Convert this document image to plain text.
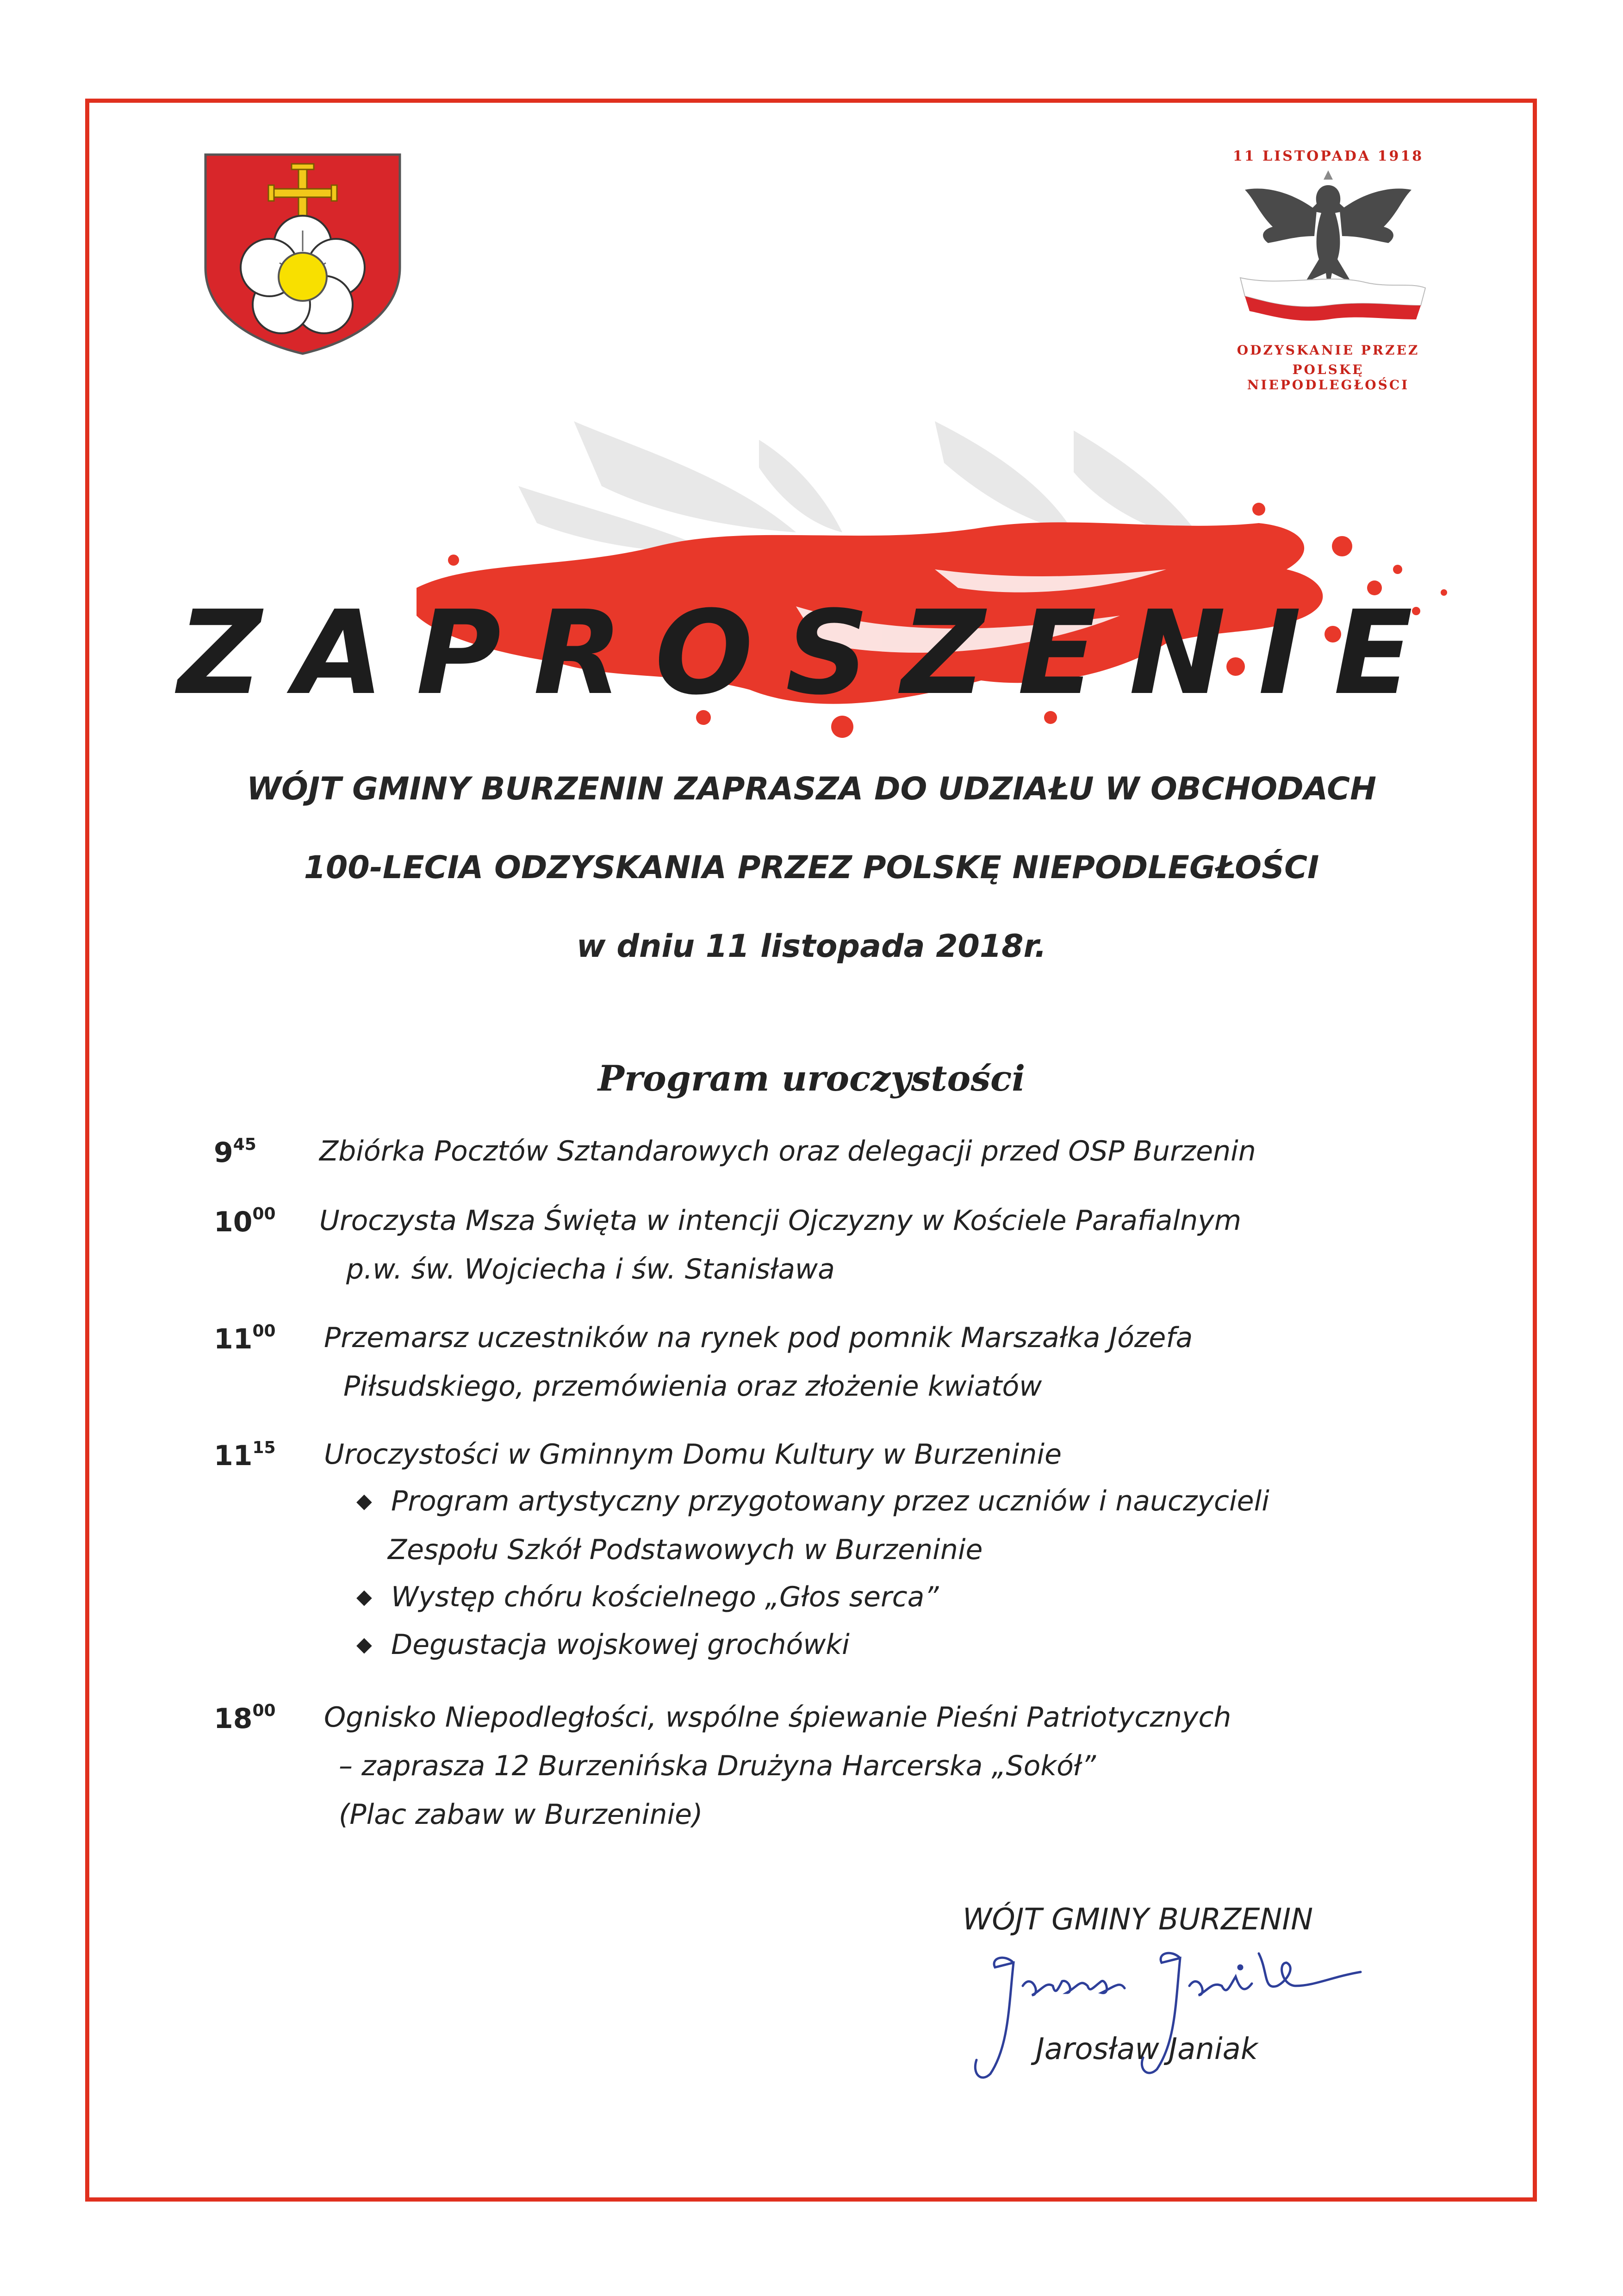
11 LISTOPADA 1918
ODZYSKANIE PRZEZ
POLSKĘ NIEPODLEGŁOŚCI
ZAPROSZENIE
WÓJT GMINY BURZENIN ZAPRASZA DO UDZIAŁU W OBCHODACH
100-LECIA ODZYSKANIA PRZEZ POLSKĘ NIEPODLEGŁOŚCI
w dniu 11 listopada 2018r.
Program uroczystości
$9^{45}$ Zbiórka Pocztów Sztandarowych oraz delegacji przed OSP Burzenin
$10^{00}$ Uroczysta Msza Święta w intencji Ojczyzny w Kościele Parafialnym
p.w. św. Wojciecha i św. Stanisława
$11^{00}$ Przemarsz uczestników na rynek pod pomnik Marszałka Józefa
Piłsudskiego, przemówienia oraz złożenie kwiatów
$11^{15}$ Uroczystości w Gminnym Domu Kultury w Burzeninie
◆ Program artystyczny przygotowany przez uczniów i nauczycieli
Zespołu Szkół Podstawowych w Burzeninie
◆ Występ chóru kościelnego „Głos serca”
◆ Degustacja wojskowej grochówki
$18^{00}$ Ognisko Niepodległości, wspólne śpiewanie Pieśni Patriotycznych
– zaprasza 12 Burzenińska Drużyna Harcerska „Sokół”
(Plac zabaw w Burzeninie)
WÓJT GMINY BURZENIN
Jarosław Janiak
